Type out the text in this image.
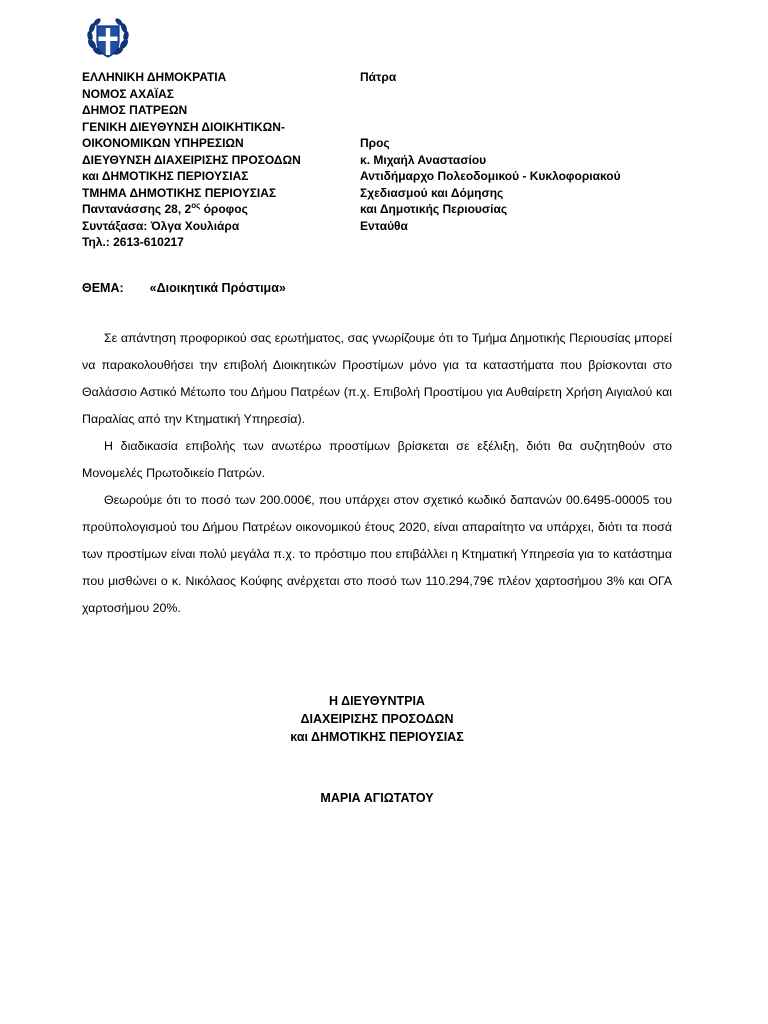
ΕΛΛΗΝΙΚΗ ΔΗΜΟΚΡΑΤΙΑ
ΝΟΜΟΣ ΑΧΑΪΑΣ
ΔΗΜΟΣ ΠΑΤΡΕΩΝ
ΓΕΝΙΚΗ ΔΙΕΥΘΥΝΣΗ ΔΙΟΙΚΗΤΙΚΩΝ-
ΟΙΚΟΝΟΜΙΚΩΝ ΥΠΗΡΕΣΙΩΝ
ΔΙΕΥΘΥΝΣΗ ΔΙΑΧΕΙΡΙΣΗΣ ΠΡΟΣΟΔΩΝ
και ΔΗΜΟΤΙΚΗΣ ΠΕΡΙΟΥΣΙΑΣ
ΤΜΗΜΑ ΔΗΜΟΤΙΚΗΣ ΠΕΡΙΟΥΣΙΑΣ
Παντανάσσης 28, $2^{o\varsigma}$ όροφος
Συντάξασα: Όλγα Χουλιάρα
Τηλ.: 2613-610217
Πάτρα
Προς
κ. Μιχαήλ Αναστασίου
Αντιδήμαρχο Πολεοδομικού - Κυκλοφοριακού
Σχεδιασμού και Δόμησης
και Δημοτικής Περιουσίας
Ενταύθα
ΘΕΜΑ: «Διοικητικά Πρόστιμα»

Σε απάντηση προφορικού σας ερωτήματος, σας γνωρίζουμε ότι το Τμήμα Δημοτικής Περιουσίας μπορεί να παρακολουθήσει την επιβολή Διοικητικών Προστίμων μόνο για τα καταστήματα που βρίσκονται στο Θαλάσσιο Αστικό Μέτωπο του Δήμου Πατρέων (π.χ. Επιβολή Προστίμου για Αυθαίρετη Χρήση Αιγιαλού και Παραλίας από την Κτηματική Υπηρεσία).

Η διαδικασία επιβολής των ανωτέρω προστίμων βρίσκεται σε εξέλιξη, διότι θα συζητηθούν στο Μονομελές Πρωτοδικείο Πατρών.

Θεωρούμε ότι το ποσό των 200.000€, που υπάρχει στον σχετικό κωδικό δαπανών 00.6495-00005 του προϋπολογισμού του Δήμου Πατρέων οικονομικού έτους 2020, είναι απαραίτητο να υπάρχει, διότι τα ποσά των προστίμων είναι πολύ μεγάλα π.χ. το πρόστιμο που επιβάλλει η Κτηματική Υπηρεσία για το κατάστημα που μισθώνει ο κ. Νικόλαος Κούφης ανέρχεται στο ποσό των 110.294,79€ πλέον χαρτοσήμου 3% και ΟΓΑ χαρτοσήμου 20%.

Η ΔΙΕΥΘΥΝΤΡΙΑ
ΔΙΑΧΕΙΡΙΣΗΣ ΠΡΟΣΟΔΩΝ
και ΔΗΜΟΤΙΚΗΣ ΠΕΡΙΟΥΣΙΑΣ
ΜΑΡΙΑ ΑΓΙΩΤΑΤΟΥ
